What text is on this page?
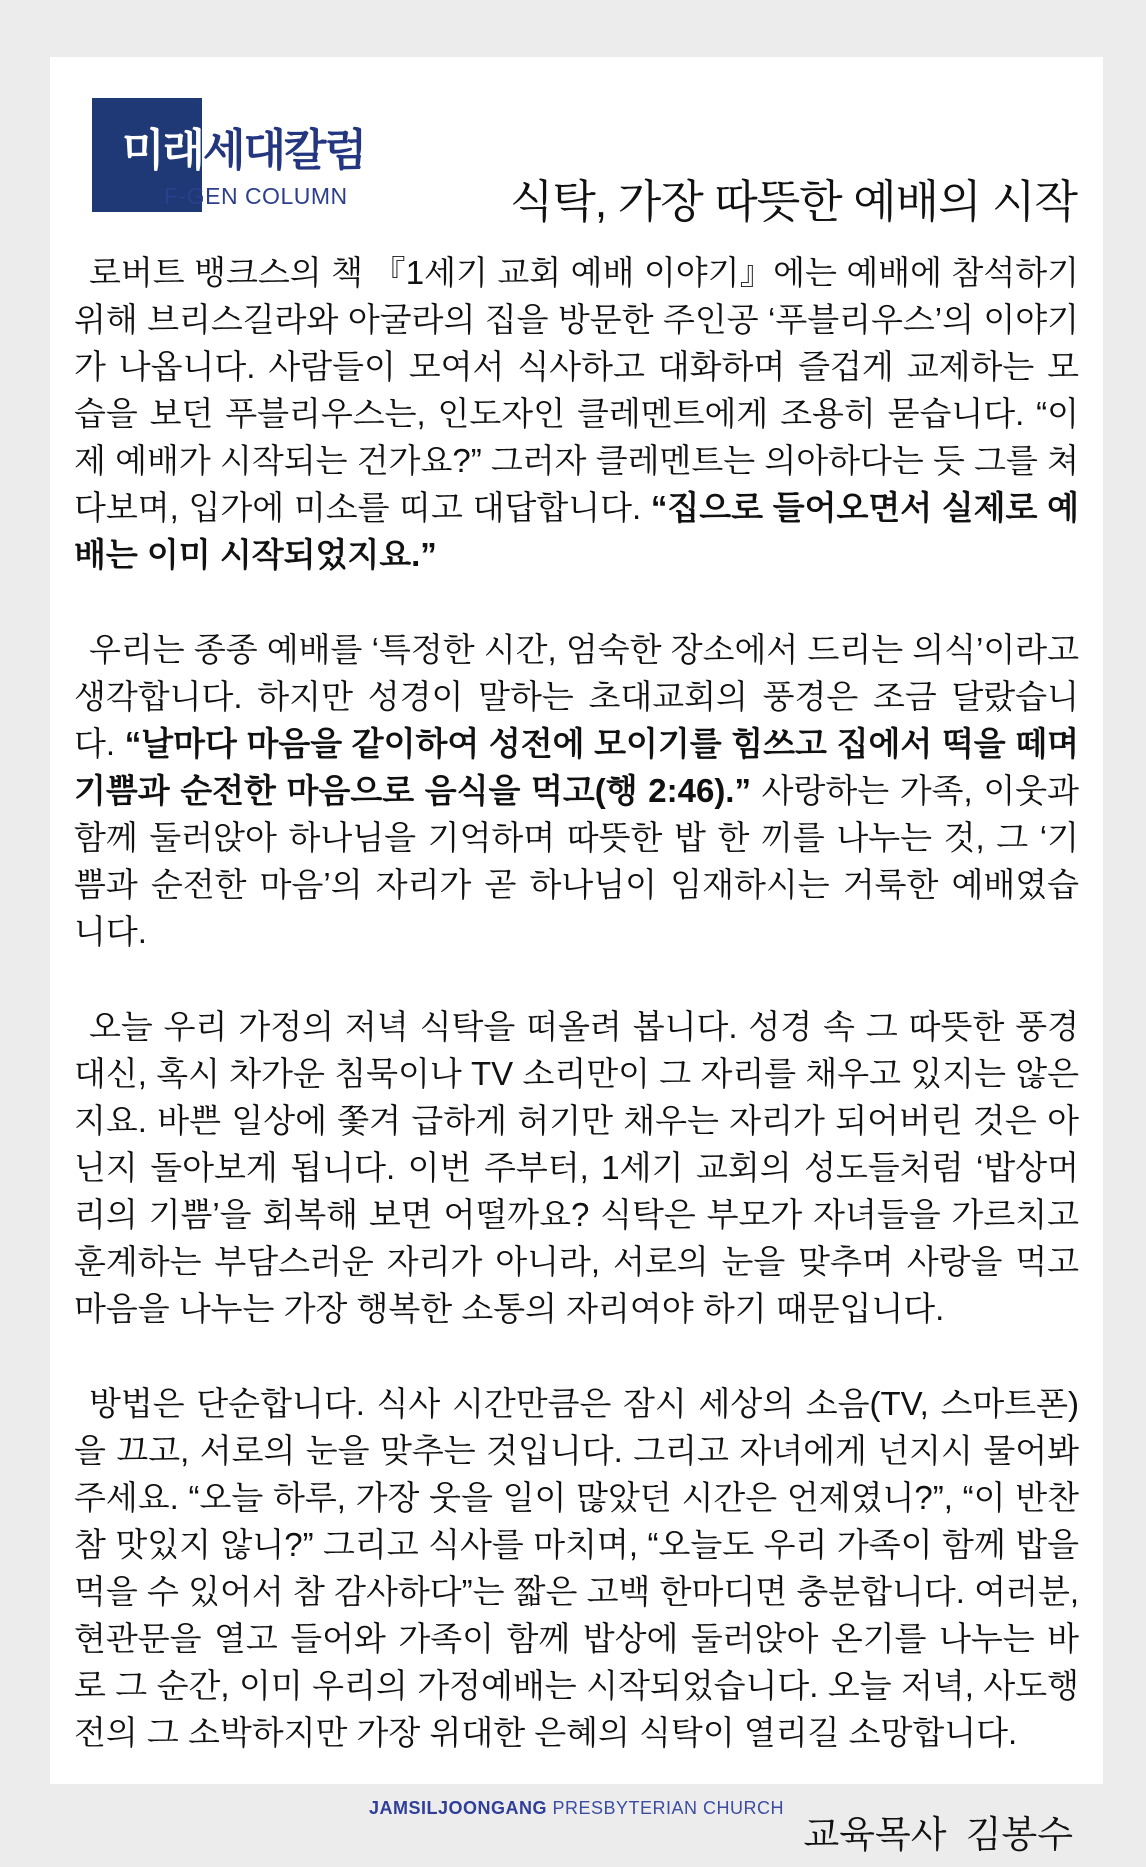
미래세대칼럼
F-GEN COLUMN	식탁, 가장 따뜻한 예배의 시작

로버트 뱅크스의 책 『1세기 교회 예배 이야기』에는 예배에 참석하기 위해 브리스길라와 아굴라의 집을 방문한 주인공 ‘푸블리우스’의 이야기가 나옵니다. 사람들이 모여서 식사하고 대화하며 즐겁게 교제하는 모습을 보던 푸블리우스는, 인도자인 클레멘트에게 조용히 묻습니다. “이제 예배가 시작되는 건가요?” 그러자 클레멘트는 의아하다는 듯 그를 쳐다보며, 입가에 미소를 띠고 대답합니다. “집으로 들어오면서 실제로 예배는 이미 시작되었지요.”

우리는 종종 예배를 ‘특정한 시간, 엄숙한 장소에서 드리는 의식’이라고 생각합니다. 하지만 성경이 말하는 초대교회의 풍경은 조금 달랐습니다. “날마다 마음을 같이하여 성전에 모이기를 힘쓰고 집에서 떡을 떼며 기쁨과 순전한 마음으로 음식을 먹고(행 2:46).” 사랑하는 가족, 이웃과 함께 둘러앉아 하나님을 기억하며 따뜻한 밥 한 끼를 나누는 것, 그 ‘기쁨과 순전한 마음’의 자리가 곧 하나님이 임재하시는 거룩한 예배였습니다.

오늘 우리 가정의 저녁 식탁을 떠올려 봅니다. 성경 속 그 따뜻한 풍경 대신, 혹시 차가운 침묵이나 TV 소리만이 그 자리를 채우고 있지는 않은지요. 바쁜 일상에 쫓겨 급하게 허기만 채우는 자리가 되어버린 것은 아닌지 돌아보게 됩니다. 이번 주부터, 1세기 교회의 성도들처럼 ‘밥상머리의 기쁨’을 회복해 보면 어떨까요? 식탁은 부모가 자녀들을 가르치고 훈계하는 부담스러운 자리가 아니라, 서로의 눈을 맞추며 사랑을 먹고 마음을 나누는 가장 행복한 소통의 자리여야 하기 때문입니다.

방법은 단순합니다. 식사 시간만큼은 잠시 세상의 소음(TV, 스마트폰)을 끄고, 서로의 눈을 맞추는 것입니다. 그리고 자녀에게 넌지시 물어봐 주세요. “오늘 하루, 가장 웃을 일이 많았던 시간은 언제였니?”, “이 반찬 참 맛있지 않니?” 그리고 식사를 마치며, “오늘도 우리 가족이 함께 밥을 먹을 수 있어서 참 감사하다”는 짧은 고백 한마디면 충분합니다. 여러분, 현관문을 열고 들어와 가족이 함께 밥상에 둘러앉아 온기를 나누는 바로 그 순간, 이미 우리의 가정예배는 시작되었습니다. 오늘 저녁, 사도행전의 그 소박하지만 가장 위대한 은혜의 식탁이 열리길 소망합니다.

교육목사 김봉수
JAMSILJOONGANG PRESBYTERIAN CHURCH
